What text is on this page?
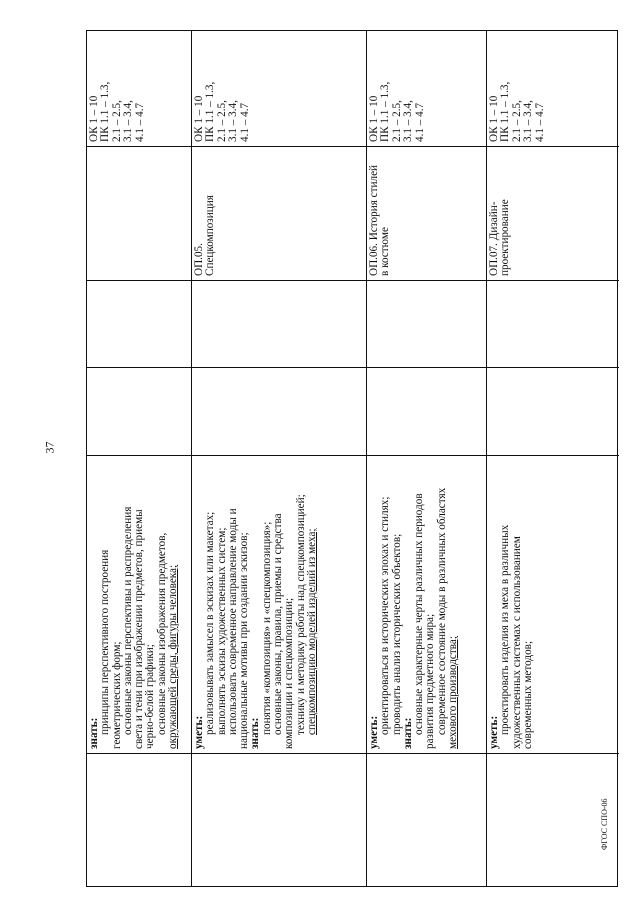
37
знать: принципы перспективного построения геометрических форм; основные законы перспективы и распределения света и тени при изображении предметов, приемы черно-белой графики; основные законы изображения предметов, окружающей среды, фигуры человека;
ОК 1 – 10
ПК 1.1 – 1.3,
2.1 – 2.5,
3.1 – 3.4,
4.1 – 4.7
уметь: реализовывать замысел в эскизах или макетах; выполнять эскизы художественных систем; использовать современное направление моды и национальные мотивы при создании эскизов; знать: понятия «композиция» и «спецкомпозиция»; основные законы, правила, приемы и средства композиции и спецкомпозиции; технику и методику работы над спецкомпозицией; спецкомпозицию моделей изделий из меха;
ОП.05.
Спецкомпозиция
ОК 1 – 10
ПК 1.1 – 1.3,
2.1 – 2.5,
3.1 – 3.4,
4.1 – 4.7
уметь: ориентироваться в исторических эпохах и стилях; проводить анализ исторических объектов; знать: основные характерные черты различных периодов развития предметного мира; современное состояние моды в различных областях мехового производства;
ОП.06. История стилей
в костюме
ОК 1 – 10
ПК 1.1 – 1.3,
2.1 – 2.5,
3.1 – 3.4,
4.1 – 4.7
уметь: проектировать изделия из меха в различных художественных системах с использованием современных методов;
ОП.07. Дизайн-
проектирование
ОК 1 – 10
ПК 1.1 – 1.3,
2.1 – 2.5,
3.1 – 3.4,
4.1 – 4.7
ФГОС СПО-06
